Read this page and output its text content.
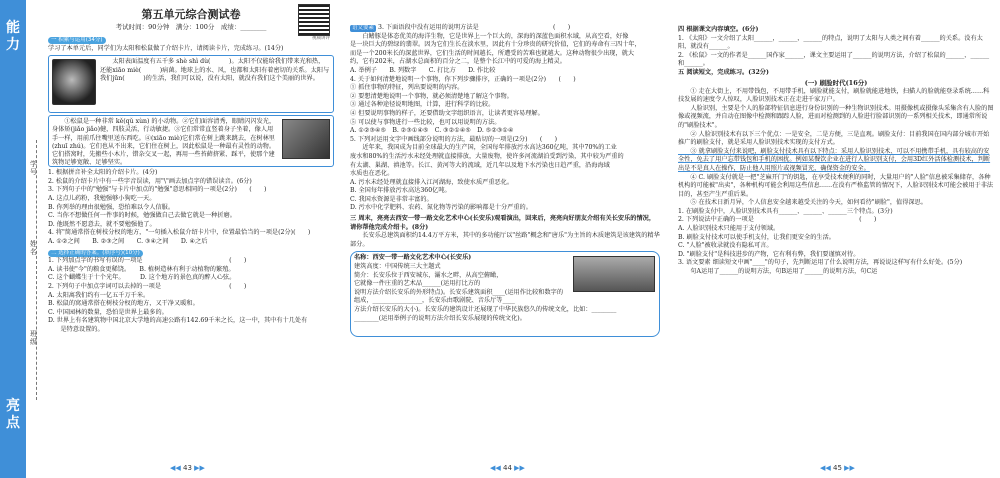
能力
亮点
学号
姓名
班级
视频讲评
第五单元综合测试卷
考试时间：90分钟　满分：100分　成绩：________

一 积累与运用(34分)

学习了本单元后，同学们为太阳和松鼠做了介绍卡片，请阅读卡片，完成练习。(14分)

　　太阳表面温度有五千多 shè shì dù(　　　)。太阳不仅能给我们带来光和热，还能xiāo miè(　　　)病菌。地球上的水、风，也都和太阳有着密切的关系。太阳与我们jūn(　　　)的生活，我们可以说，没有太阳，就没有我们这个美丽的世界。
　　①松鼠是一种非常 kě(qǔ xùn) 的小动物。②它们面容清秀，眼睛闪闪发光，身体矫(jiǎo jiǎo)健，四肢灵活，行动敏捷。③它们常常直竖着身子坐着，像人用手一样，用前爪往嘴里送东西吃。④(xiāo miè)它们常在树上跳来跳去，在树林里(zhuī zhú)。它们也从不出来，它们住在树上，因此松鼠是一种最有灵性的动物。它们搭窝时，先搬些小木片，错杂交叉一起，再用一些苔藓挤紧、踩平，使那个建筑物足够宽敞、足够坚实。

1. 根据拼音补全太阳的介绍卡片。(4分)

2. 松鼠的介绍卡片中有一些字音误读，用"\"画去加点字的错误读音。(6分)

3. 下列句子中的"勉强"与卡片中加点的"勉强"意思相同的一项是(2分)　　(　　)

A. 这点儿药粉，我勉强够小狗吃一天。

B. 你列举的理由很勉强，恐怕难以令人信服。

C. 当你不想做任何一件事的时候，勉强做自己去做它就是一种折磨。

D. 他既然不愿意去，就不要勉强他了。

4. 将"简通常搭在树枝分杈的地方，"一句插入松鼠介绍卡片中，位置最恰当的一项是(2分)(　　)

A. ①②之间　　B. ②③之间　　C. ③④之间　　D. ④之后

二 选择正确的答案。(填序号)(10分)

1. 下列加点字的书写有误的一项是　　　　　　　　　　　　　　(　　)

A. 读书使"今"的粮食更稀饶。　　B. 植树造林有利于动植物的繁殖。

C. 这个蝴蝶生于十个光年。　　　D. 这个地方的景色真的醉人心弦。

2. 下列句子中加点字词可以去掉的一项是　　　　　　　　　　　(　　)

A. 太阳离我们约有一亿五千万千米。

B. 松鼠的窝通常搭在树枝分杈的地方，又干净又暖和。

C. 中国园林的数量，恐怕是世界上最多的。

D. 世界上有名建筑物中国北京大学地的高速公路有142.69千米之长，这一中，其中有十几处有

　　是特意设置的。

◀◀ 43 ▶▶

语文要素 3. 下面语段中没有运用的说明方法是　　　　　　　　　　　　(　　)

　　白鳍豚是体态优美的海洋生物，它是世界上一个巨大的，深海的深蓝色面积水域，从高空看，好像

是一块巨大的碧绿的翡翠。因为它们生长在淡水里，因此有十分珍贵的研究价值，它们的寿命有三四十年，

而是一个200米长的深蓝世界，它们生活的时间越长，所遭受的苦难也就越大。这种动物很少出现，就大

约，它有202米，占湖水总面积的百分之二，是整个长江中的可爱的海上精灵。

A. 举例子　　B. 列数字　　C. 打比方　　D. 作比较

4. 关于如何清楚地说明一个事物，你下列步骤排序，正确的一项是(2分)　　(　　)

① 抓住事物的特征，列出要说明的内容。

② 要想清楚地说明一个事物，就必须清楚地了解这个事物。

③ 通过各种途径说明地图，计算，进行科学的比较。

④ 但要说明事物的样子，还要借助文字组织语言，让读者更容易理解。

⑤ 可以使与事物进行一些比较，也可以用说明的方法。

A. ①②③④⑤　B. ②③①④⑤　C. ③②①④⑤　D. ⑤②③①④

5. 下列对运用文字中画线部分说明的方法，最贴切的一项是(2分)　　(　　)

　　近年来，我国成为目前全球最大的生产国，全国每年排放污水高达360亿吨，其中70%的工业

废水和80%的生活污水未经处理就直接排放，大量废物，使许多河流湖泊受到污染，其中较为严重的

有太湖、巢湖、滇池等。长江、黄河等大的流域，近几年以及地下水污染也日趋严重，沿海海域

水质也在恶化。

A. 污水未经处理就直接排入江河湖海，致使水质严重恶化。

B. 全国每年排放污水高达360亿吨。

C. 我国水资源是非常丰富的。

D. 污水中化学肥料、农药、氮化物等污染的影响都是十分严重的。

三 周末，亮亮去西安一带一路文化艺术中心(长安乐)观看演出，回来后，亮亮向好朋友介绍有关长安乐的情况，请你帮他完成介绍卡。(8分)

　　长安乐总建筑面积约14.4万平方米，其中的多功能厅以"丝路"概念和"唐乐"为主旨的木质建筑是该建筑的精华部分。

名称：西安一带一路文化艺术中心(长安乐)

建筑高度：中国传统三大主题式

简介：长安乐位于西安城东，灞水之畔，从高空俯瞰，

它就像一件庄重的艺术品______(运用打比方的

说明方法介绍长安乐的外形特点)。长安乐建筑面积____(运用作比较和数字的

组成，________________，长安乐由歌剧院、音乐厅等____

方法介绍长安乐的大小)。长安乐的建筑设计还展现了中华民族悠久的传统文化，比如：________

________(运用举例子的说明方法介绍长安乐展现的传统文化)。

◀◀ 44 ▶▶

四 根据课文内容填空。(6分)

1. 《太阳》一文介绍了太阳______，______，______的特点，说明了太阳与人类之间有着______的关系。没有太阳，就没有______。

2. 《松鼠》一文的作者是______国作家______，课文主要运用了______的说明方法，介绍了松鼠的______、______和______。

五 阅读短文，完成练习。(32分)

(一) 刷脸时代(16分)

　　① 走在大街上，不用带钱包，不用带手机，刷脸就能支付，刷脸就能进地铁，扫描人的脸就能登录系统……科技发展的速度令人惊叹，人脸识别技术正在走进千家万户。

　　人脸识别，主要是个人的脸部特征信息进行身份识别的一种生物识别技术。用摄像机或摄像头采集含有人脸的图像或视频流，并自动在图像中检测和跟踪人脸，进而对检测到的人脸进行脸部识别的一系列相关技术，即通常所说的"刷脸技术"。

　　② 人脸识别技术有以下三个优点：一是安全，二是方便，三是直观。刷脸支付：目前我国在国内部分城市开始推广的刷脸支付，就是采用人脸识别技术实现的支付方式。

　　③ 就拿刷脸支付来说吧，刷脸支付技术具有以下特点：采用人脸识别技术、可以不用携带手机，具有较高的安全性，免去了用户忘带钱包和手机的困扰。例如某餐饮企业在进行人脸识别支付，会用3D红外活体检测技术，判断出是不是真人在操作，防止他人用照片或视频冒充，确保资金的安全。

　　④ C. 刷脸支付就是一把"芝麻开门"的钥匙，在享受技术便利的同时，大量用户的"人脸"信息被采集储存，各种机构的可能被"出卖"，各种机构可能会利用这些信息……在没有严格监管的情况下，人脸识别技术可能会被用于非法目的，甚至产生严重后果。

　　⑤ 在技术日新月异，个人信息安全越来越受关注的今天，如何看待"刷脸"，值得深思。

1. 在刷脸支付中，人脸识别技术具有______、______、______三个特点。(3分)

2. 下列说法中正确的一项是　　　　　　　　　　　　　　　　　(　　)

A. 人脸识别技术只能用于支付领域。

B. 刷脸支付技术可以使手机支付，让我们更安全的生活。

C. "人脸"被收录就没有隐私可言。

D. "刷脸支付"是科技进步的产物，它有利有弊，我们要谨慎对待。

3. 语文要素 细读短文中画"____"的句子，先判断运用了什么说明方法，再说说这样写有什么好处。(5分)

　　句A运用了______的说明方法，句B运用了______的说明方法，句C运

◀◀ 45 ▶▶
